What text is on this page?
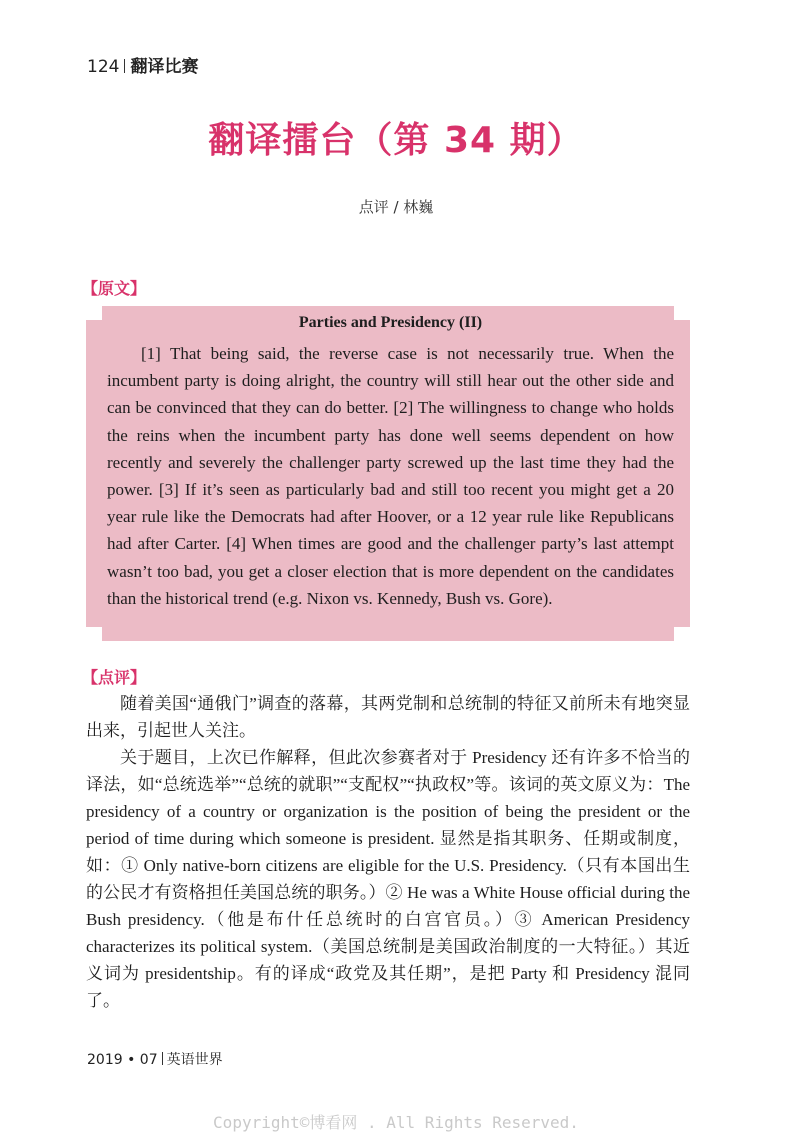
124 翻译比赛
翻译擂台（第 34 期）
点评 / 林巍
【原文】
Parties and Presidency (II)
[1] That being said, the reverse case is not necessarily true. When the incumbent party is doing alright, the country will still hear out the other side and can be convinced that they can do better. [2] The willingness to change who holds the reins when the incumbent party has done well seems dependent on how recently and severely the challenger party screwed up the last time they had the power. [3] If it’s seen as particularly bad and still too recent you might get a 20 year rule like the Democrats had after Hoover, or a 12 year rule like Republicans had after Carter. [4] When times are good and the challenger party’s last attempt wasn’t too bad, you get a closer election that is more dependent on the candidates than the historical trend (e.g. Nixon vs. Kennedy, Bush vs. Gore).
【点评】

随着美国“通俄门”调查的落幕，其两党制和总统制的特征又前所未有地突显出来，引起世人关注。

关于题目，上次已作解释，但此次参赛者对于 Presidency 还有许多不恰当的译法，如“总统选举”“总统的就职”“支配权”“执政权”等。该词的英文原义为：The presidency of a country or organization is the position of being the president or the period of time during which someone is president. 显然是指其职务、任期或制度，如：① Only native-born citizens are eligible for the U.S. Presidency.（只有本国出生的公民才有资格担任美国总统的职务。）② He was a White House official during the Bush presidency.（他是布什任总统时的白宫官员。）③ American Presidency characterizes its political system.（美国总统制是美国政治制度的一大特征。）其近义词为 presidentship。有的译成“政党及其任期”，是把 Party 和 Presidency 混同了。

2019 • 07 英语世界
Copyright©博看网 . All Rights Reserved.
